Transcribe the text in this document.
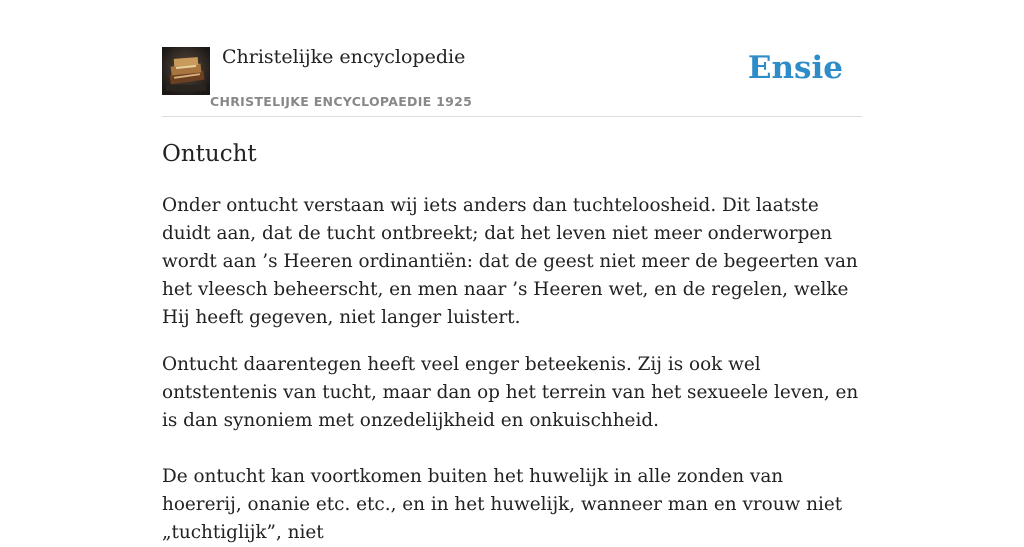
Christelijke encyclopedie
CHRISTELIJKE ENCYCLOPAEDIE 1925
Ensie
Ontucht

Onder ontucht verstaan wij iets anders dan tuchteloosheid. Dit laatste duidt aan, dat de tucht ontbreekt; dat het leven niet meer onderworpen wordt aan ’s Heeren ordinantiën: dat de geest niet meer de begeerten van het vleesch beheerscht, en men naar ’s Heeren wet, en de regelen, welke Hij heeft gegeven, niet langer luistert.

Ontucht daarentegen heeft veel enger beteekenis. Zij is ook wel ontstentenis van tucht, maar dan op het terrein van het sexueele leven, en is dan synoniem met onzedelijkheid en onkuischheid.

De ontucht kan voortkomen buiten het huwelijk in alle zonden van hoererij, onanie etc. etc., en in het huwelijk, wanneer man en vrouw niet „tuchtiglijk”, niet
